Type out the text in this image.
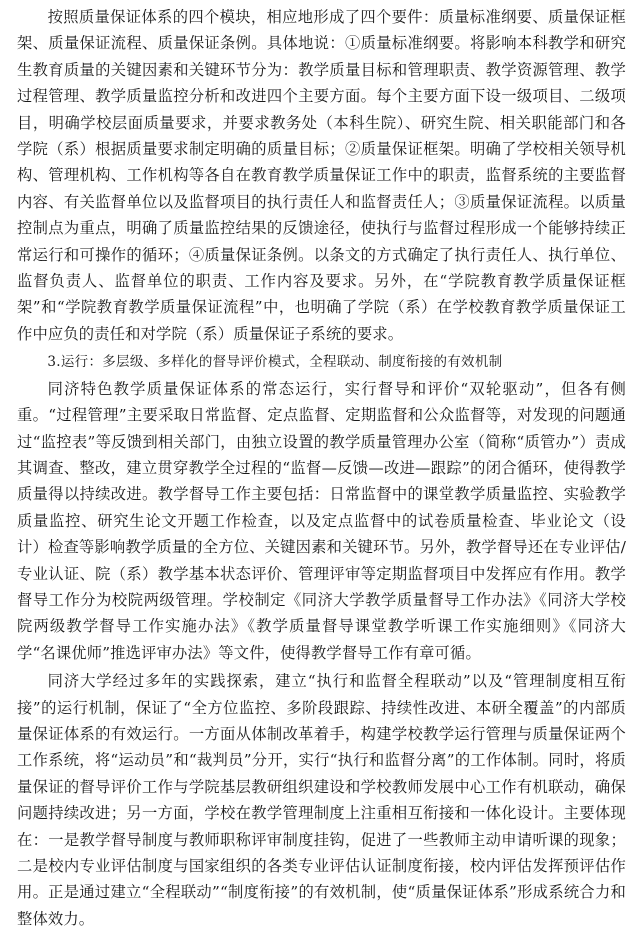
按照质量保证体系的四个模块，相应地形成了四个要件：质量标准纲要、质量保证框架、质量保证流程、质量保证条例。具体地说：①质量标准纲要。将影响本科教学和研究生教育质量的关键因素和关键环节分为：教学质量目标和管理职责、教学资源管理、教学过程管理、教学质量监控分析和改进四个主要方面。每个主要方面下设一级项目、二级项目，明确学校层面质量要求，并要求教务处（本科生院）、研究生院、相关职能部门和各学院（系）根据质量要求制定明确的质量目标；②质量保证框架。明确了学校相关领导机构、管理机构、工作机构等各自在教育教学质量保证工作中的职责，监督系统的主要监督内容、有关监督单位以及监督项目的执行责任人和监督责任人；③质量保证流程。以质量控制点为重点，明确了质量监控结果的反馈途径，使执行与监督过程形成一个能够持续正常运行和可操作的循环；④质量保证条例。以条文的方式确定了执行责任人、执行单位、监督负责人、监督单位的职责、工作内容及要求。另外，在“学院教育教学质量保证框架”和“学院教育教学质量保证流程”中，也明确了学院（系）在学校教育教学质量保证工作中应负的责任和对学院（系）质量保证子系统的要求。

3.运行：多层级、多样化的督导评价模式，全程联动、制度衔接的有效机制

同济特色教学质量保证体系的常态运行，实行督导和评价“双轮驱动”，但各有侧重。“过程管理”主要采取日常监督、定点监督、定期监督和公众监督等，对发现的问题通过“监控表”等反馈到相关部门，由独立设置的教学质量管理办公室（简称“质管办”）责成其调查、整改，建立贯穿教学全过程的“监督—反馈—改进—跟踪”的闭合循环，使得教学质量得以持续改进。教学督导工作主要包括：日常监督中的课堂教学质量监控、实验教学质量监控、研究生论文开题工作检查，以及定点监督中的试卷质量检查、毕业论文（设计）检查等影响教学质量的全方位、关键因素和关键环节。另外，教学督导还在专业评估/专业认证、院（系）教学基本状态评价、管理评审等定期监督项目中发挥应有作用。教学督导工作分为校院两级管理。学校制定《同济大学教学质量督导工作办法》《同济大学校院两级教学督导工作实施办法》《教学质量督导课堂教学听课工作实施细则》《同济大学“名课优师”推选评审办法》等文件，使得教学督导工作有章可循。

同济大学经过多年的实践探索，建立“执行和监督全程联动”以及“管理制度相互衔接”的运行机制，保证了“全方位监控、多阶段跟踪、持续性改进、本研全覆盖”的内部质量保证体系的有效运行。一方面从体制改革着手，构建学校教学运行管理与质量保证两个工作系统，将“运动员”和“裁判员”分开，实行“执行和监督分离”的工作体制。同时，将质量保证的督导评价工作与学院基层教研组织建设和学校教师发展中心工作有机联动，确保问题持续改进；另一方面，学校在教学管理制度上注重相互衔接和一体化设计。主要体现在：一是教学督导制度与教师职称评审制度挂钩，促进了一些教师主动申请听课的现象；二是校内专业评估制度与国家组织的各类专业评估认证制度衔接，校内评估发挥预评估作用。正是通过建立“全程联动”“制度衔接”的有效机制，使“质量保证体系”形成系统合力和整体效力。
